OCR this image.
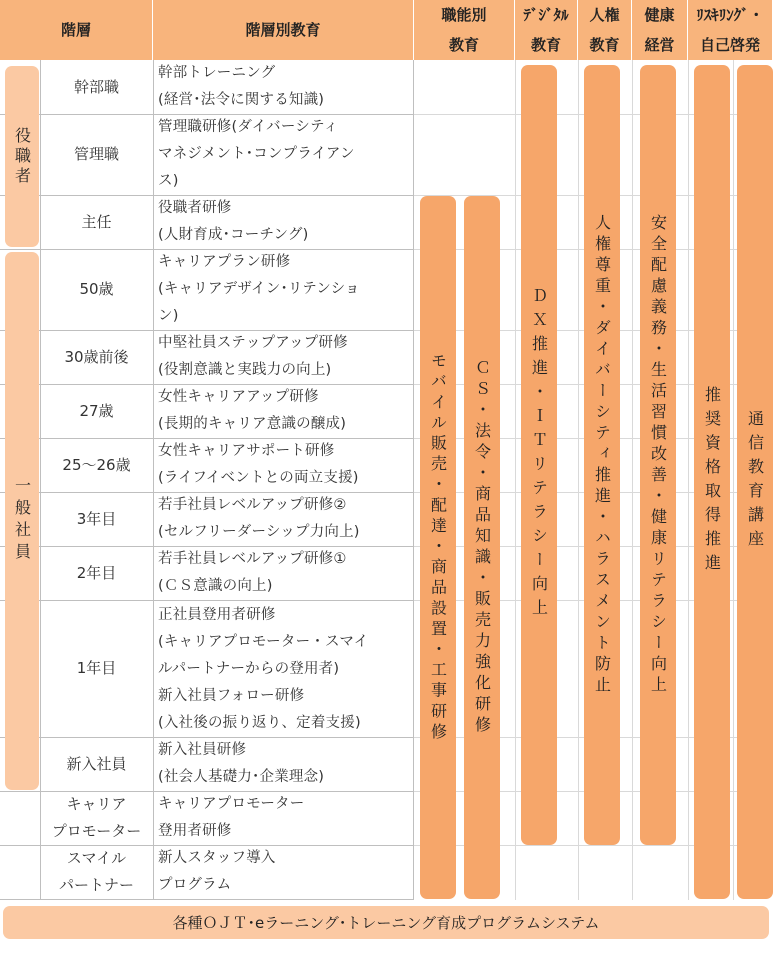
階層	階層別教育
職能別
教育
ﾃﾞｼﾞﾀﾙ
教育
人権
教育
健康
経営
ﾘｽｷﾘﾝｸﾞ・
自己啓発
役職者
一般社員
幹部職
管理職
主任
50歳
30歳前後
27歳
25～26歳
3年目
2年目
1年目
新入社員
キャリア
プロモーター
スマイル
パートナー
幹部トレーニング
(経営･法令に関する知識)
管理職研修(ダイバーシティ
マネジメント･コンプライアン
ス)
役職者研修
(人財育成･コーチング)
キャリアプラン研修
(キャリアデザイン･リテンショ
ン)
中堅社員ステップアップ研修
(役割意識と実践力の向上)
女性キャリアアップ研修
(長期的キャリア意識の醸成)
女性キャリアサポート研修
(ライフイベントとの両立支援)
若手社員レベルアップ研修②
(セルフリーダーシップ力向上)
若手社員レベルアップ研修①
(ＣＳ意識の向上)
正社員登用者研修
(キャリアプロモーター・スマイ
ルパートナーからの登用者)
新入社員フォロー研修
(入社後の振り返り、定着支援)
新入社員研修
(社会人基礎力･企業理念)
キャリアプロモーター
登用者研修
新人スタッフ導入
プログラム
モバイル販売・配達・商品設置・工事研修 ＣＳ・法令・商品知識・販売力強化研修 ＤＸ推進・ＩＴリテラシー向上	人権尊重・ダイバーシティ推進・ハラスメント防止 安全配慮義務・生活習慣改善・健康リテラシー向上 推奨資格取得推進 通信教育講座
各種ＯＪＴ･eラーニング･トレーニング育成プログラムシステム
